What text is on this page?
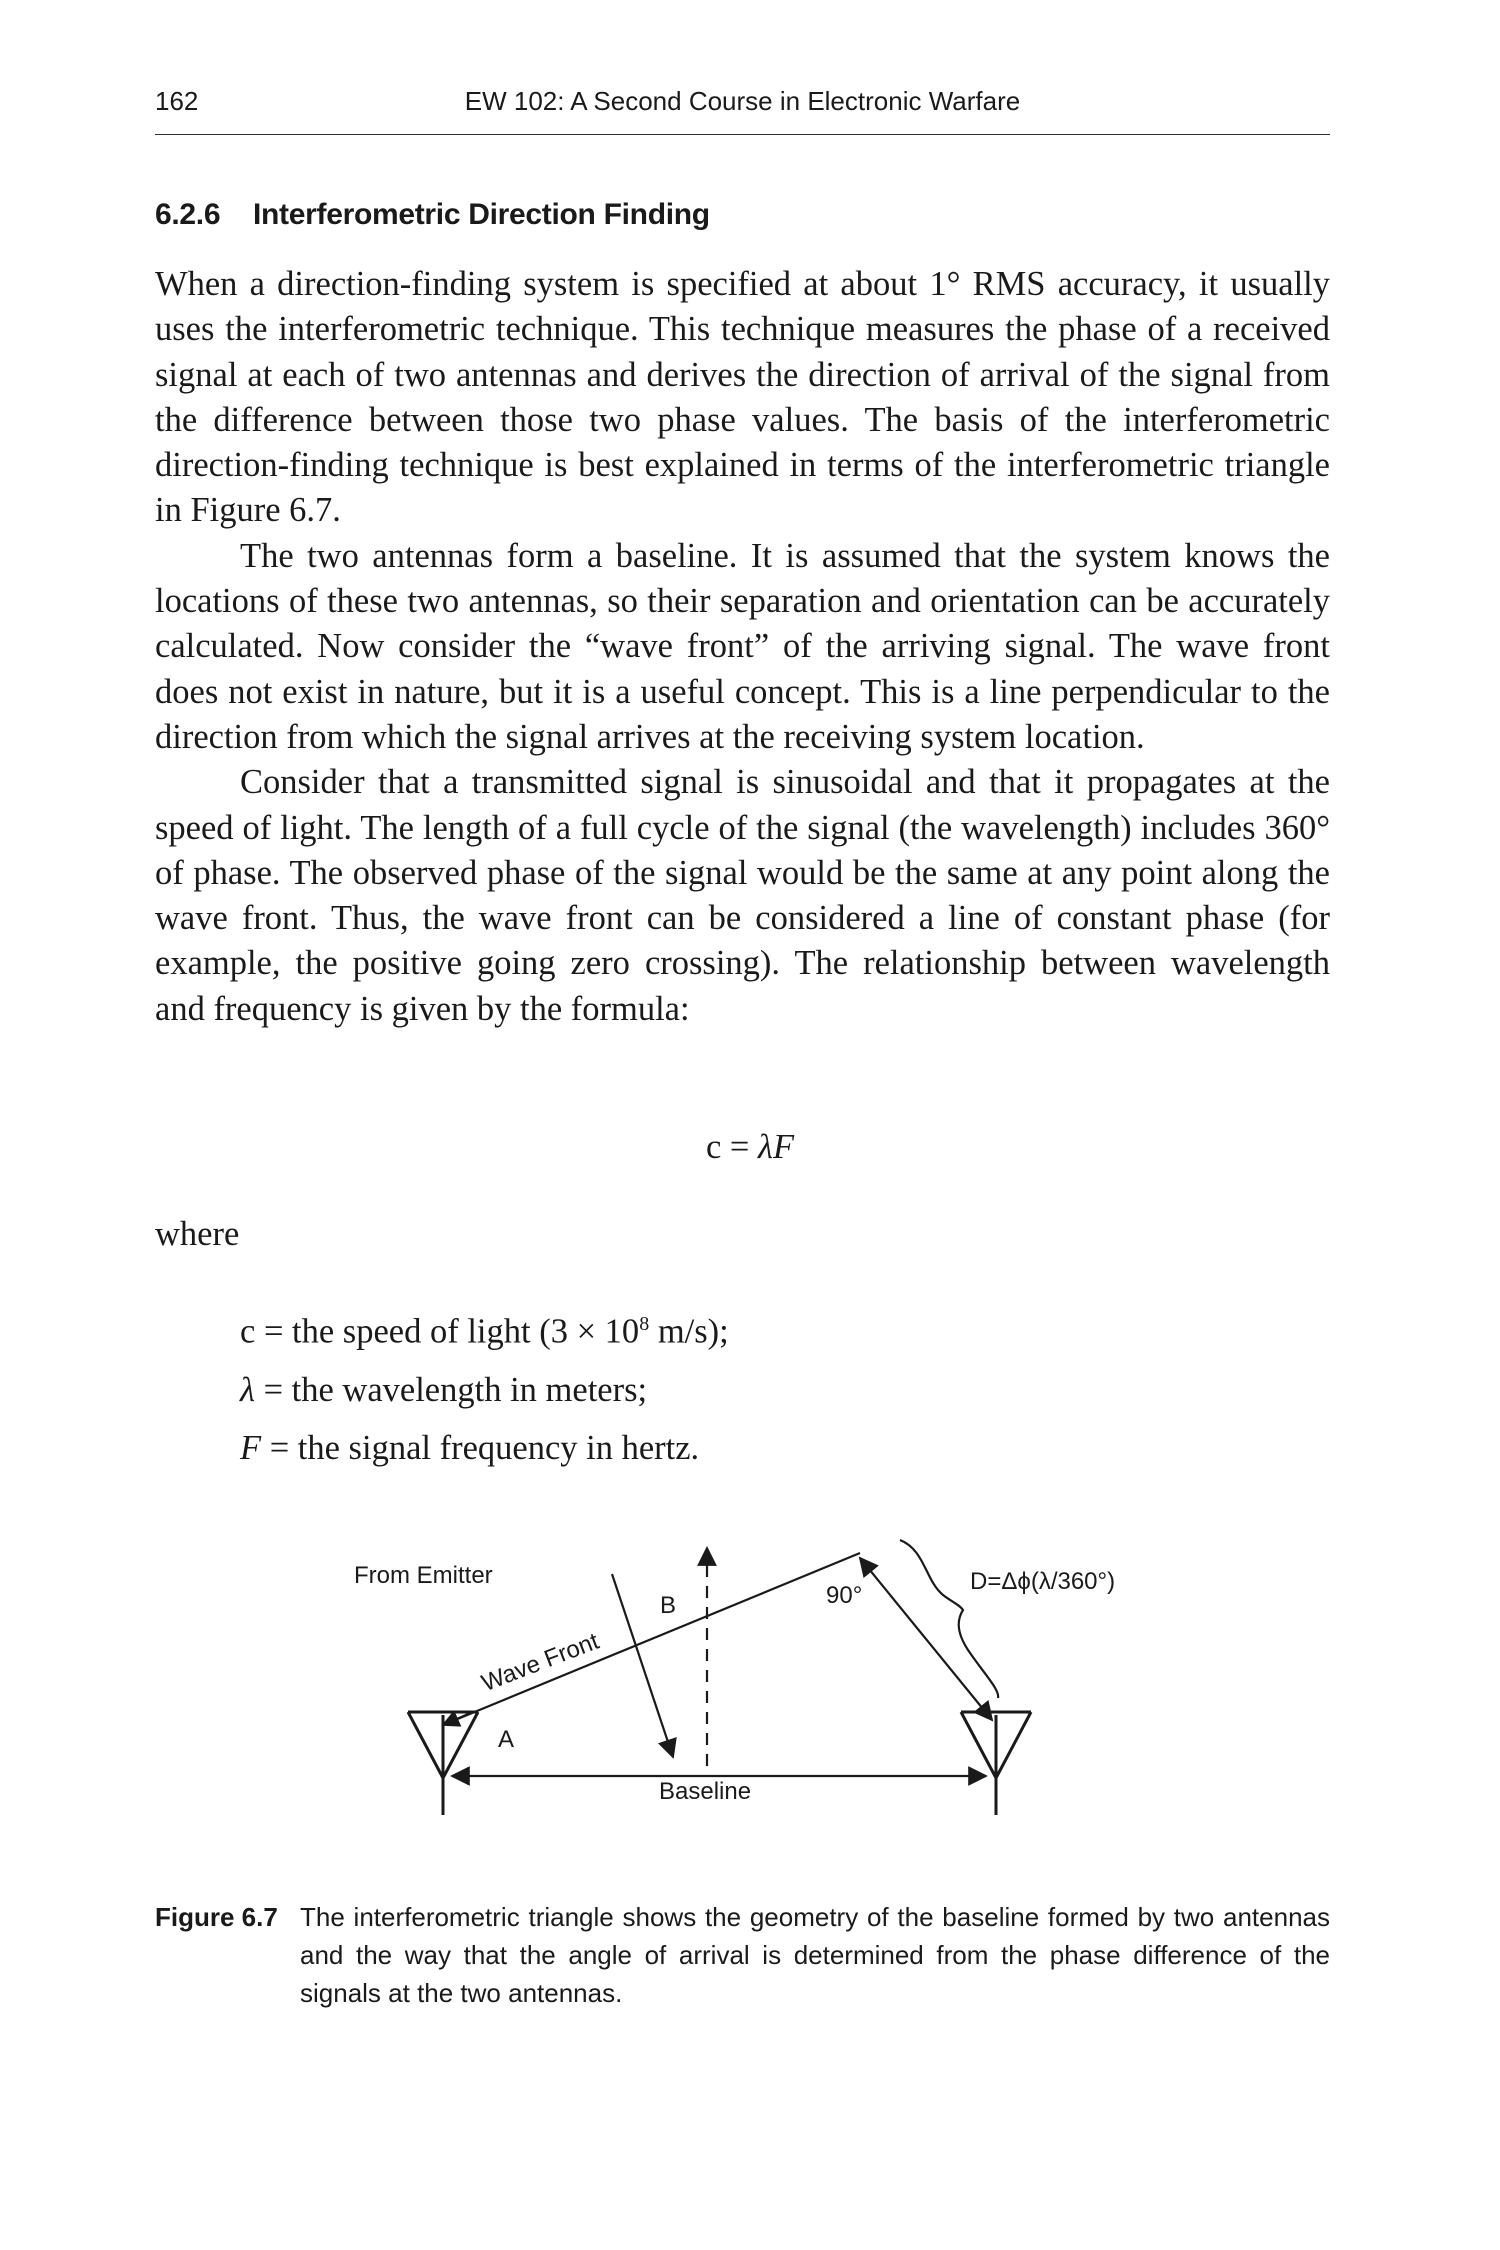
162	EW 102: A Second Course in Electronic Warfare
6.2.6 Interferometric Direction Finding

When a direction-finding system is specified at about 1° RMS accuracy, it usually uses the interferometric technique. This technique measures the phase of a received signal at each of two antennas and derives the direction of arrival of the signal from the difference between those two phase values. The basis of the interferometric direction-finding technique is best explained in terms of the interferometric triangle in Figure 6.7.

The two antennas form a baseline. It is assumed that the system knows the locations of these two antennas, so their separation and orientation can be accurately calculated. Now consider the “wave front” of the arriving signal. The wave front does not exist in nature, but it is a useful concept. This is a line perpendicular to the direction from which the signal arrives at the receiving system location.

Consider that a transmitted signal is sinusoidal and that it propagates at the speed of light. The length of a full cycle of the signal (the wavelength) includes 360° of phase. The observed phase of the signal would be the same at any point along the wave front. Thus, the wave front can be considered a line of constant phase (for example, the positive going zero crossing). The relationship between wavelength and frequency is given by the formula:

c = λF
where
c = the speed of light ($3 \times 10^8$ m/s);
λ = the wavelength in meters;
F = the signal frequency in hertz.
From Emitter
Wave Front
A
B	90°
D=Δϕ(λ/360°)
Baseline
Figure 6.7 The interferometric triangle shows the geometry of the baseline formed by two antennas and the way that the angle of arrival is determined from the phase difference of the signals at the two antennas.
